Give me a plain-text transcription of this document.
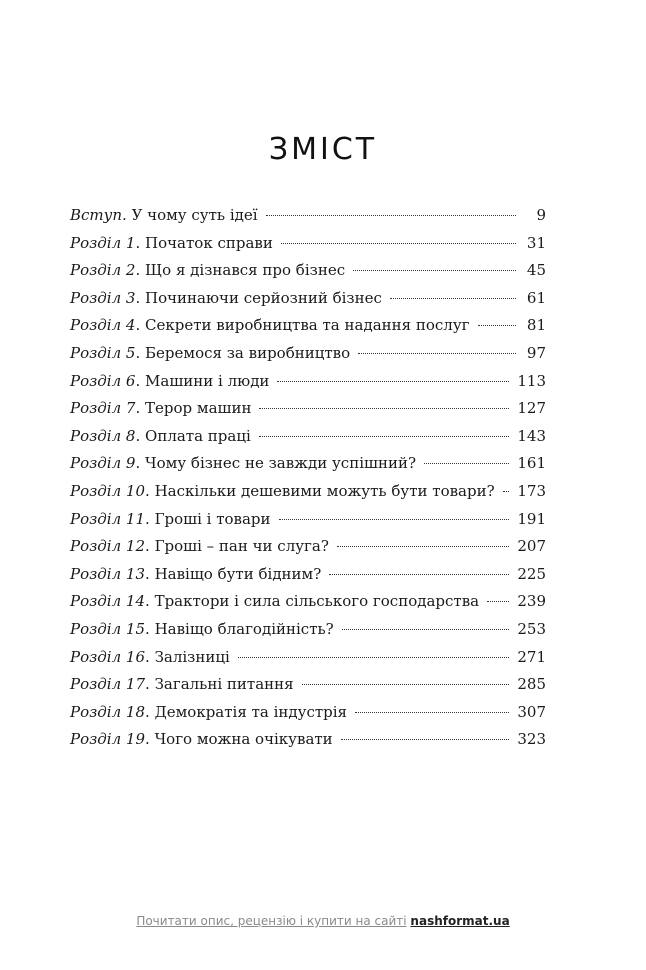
ЗМІСТ
Вступ. У чому суть ідеї	9
Розділ 1. Початок справи	31
Розділ 2. Що я дізнався про бізнес	45
Розділ 3. Починаючи серйозний бізнес	61
Розділ 4. Секрети виробництва та надання послуг	81
Розділ 5. Беремося за виробництво	97
Розділ 6. Машини і люди	113
Розділ 7. Терор машин	127
Розділ 8. Оплата праці	143
Розділ 9. Чому бізнес не завжди успішний?	161
Розділ 10. Наскільки дешевими можуть бути товари? 173
Розділ 11. Гроші і товари	191
Розділ 12. Гроші – пан чи слуга?	207
Розділ 13. Навіщо бути бідним?	225
Розділ 14. Трактори і сила сільського господарства	239
Розділ 15. Навіщо благодійність?	253
Розділ 16. Залізниці	271
Розділ 17. Загальні питання	285
Розділ 18. Демократія та індустрія	307
Розділ 19. Чого можна очікувати	323
Почитати опис, рецензію і купити на сайті nashformat.ua
